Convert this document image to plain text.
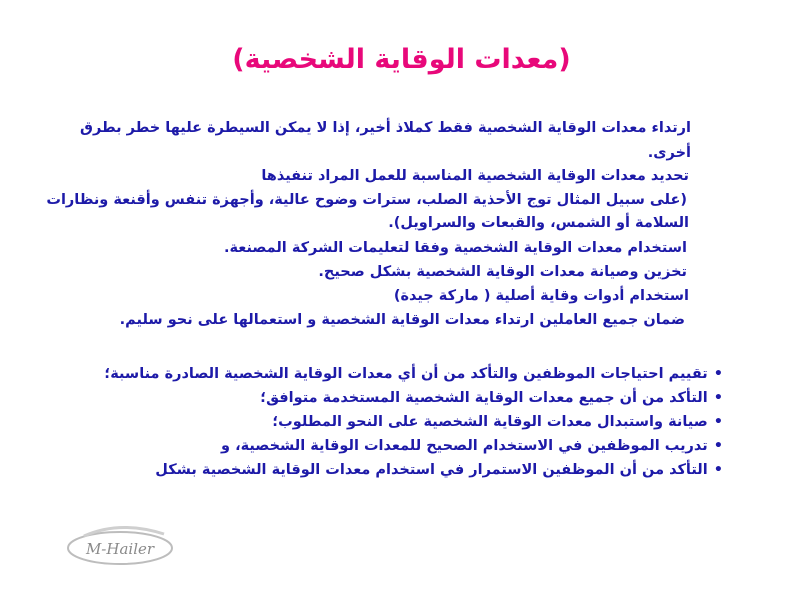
(معدات الوقاية الشخصية)
ارتداء معدات الوقاية الشخصية فقط كملاذ أخير، إذا لا يمكن السيطرة عليها خطر بطرق
أخرى.
تحديد معدات الوقاية الشخصية المناسبة للعمل المراد تنفيذها
(على سبيل المثال توج الأحذية الصلب، سترات وضوح عالية، وأجهزة تنفس وأقنعة ونظارات
السلامة أو الشمس، والقبعات والسراويل).
استخدام معدات الوقاية الشخصية وفقا لتعليمات الشركة المصنعة.
تخزين وصيانة معدات الوقاية الشخصية بشكل صحيح.
استخدام أدوات وقاية أصلية ( ماركة جيدة)
ضمان جميع العاملين ارتداء معدات الوقاية الشخصية و استعمالها على نحو سليم.
•تقييم احتياجات الموظفين والتأكد من أن أي معدات الوقاية الشخصية الصادرة مناسبة؛
•التأكد من أن جميع معدات الوقاية الشخصية المستخدمة متوافق؛
•صيانة واستبدال معدات الوقاية الشخصية على النحو المطلوب؛
•تدريب الموظفين في الاستخدام الصحيح للمعدات الوقاية الشخصية، و
•التأكد من أن الموظفين الاستمرار في استخدام معدات الوقاية الشخصية بشكل
M-Hailer
